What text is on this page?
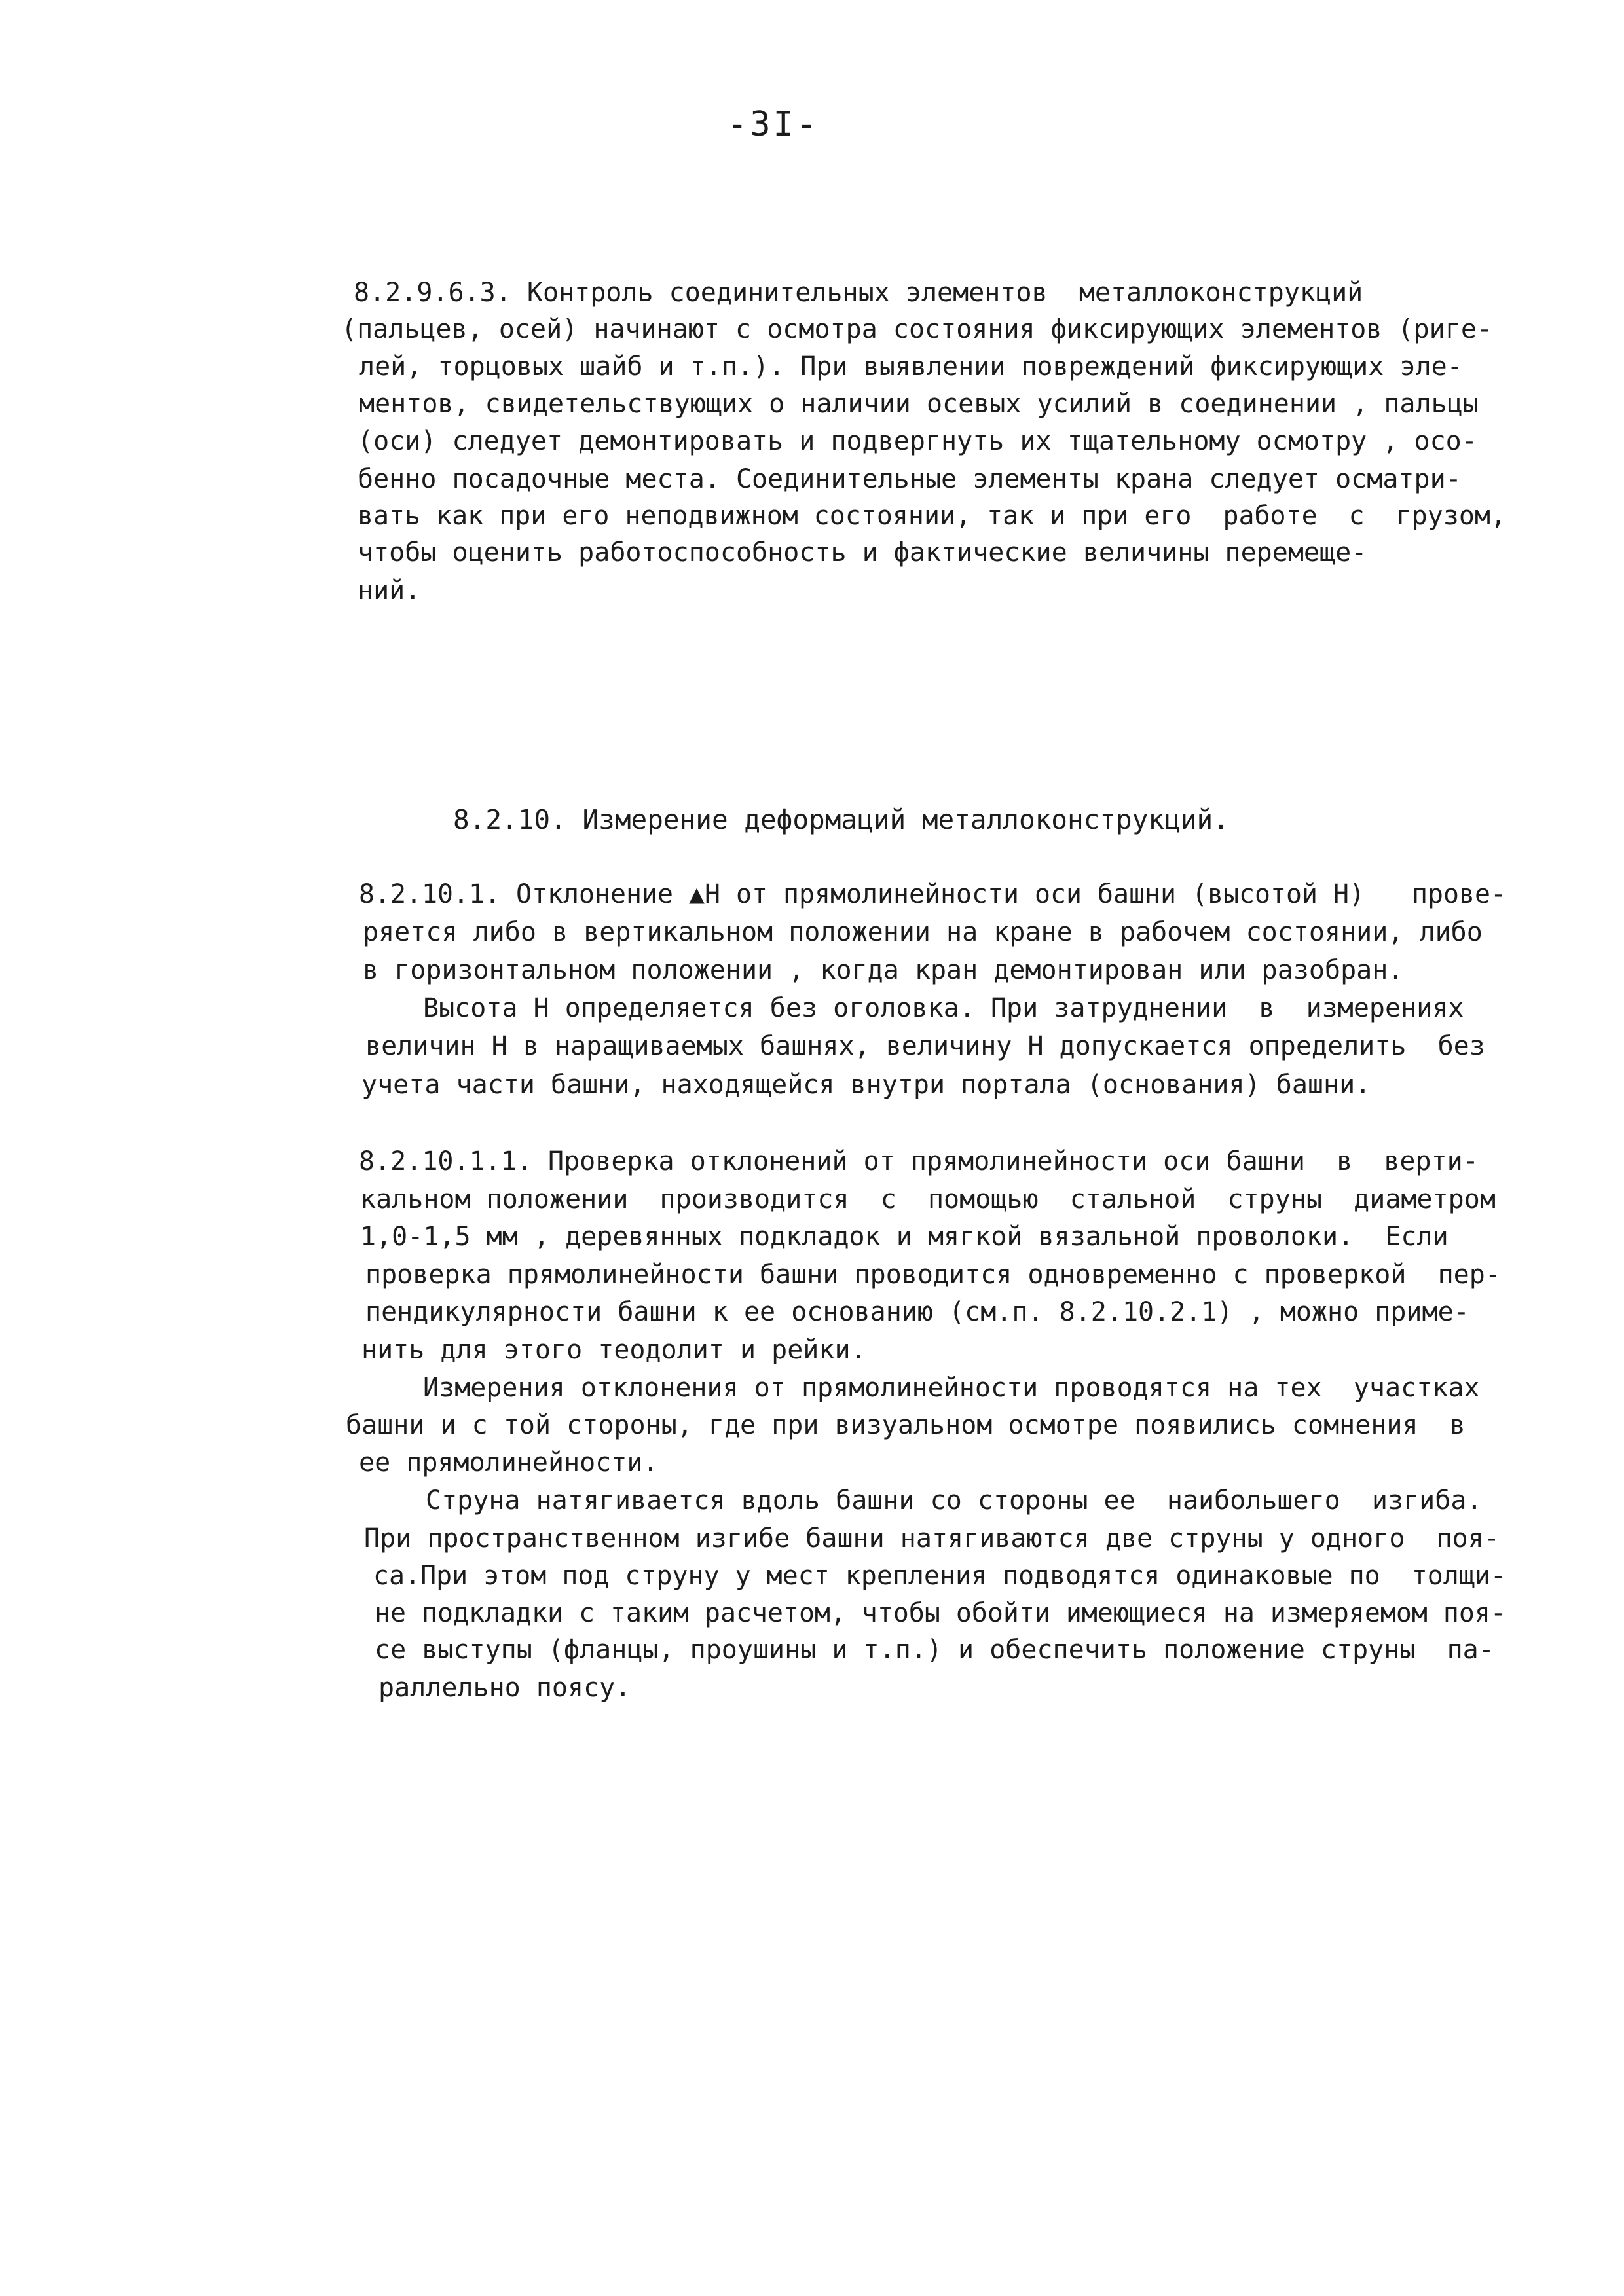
-3I-
8.2.9.6.3. Контроль соединительных элементов  металлоконструкций
(пальцев, осей) начинают с осмотра состояния фиксирующих элементов (риге-
лей, торцовых шайб и т.п.). При выявлении повреждений фиксирующих эле-
ментов, свидетельствующих о наличии осевых усилий в соединении , пальцы
(оси) следует демонтировать и подвергнуть их тщательному осмотру , осо-
бенно посадочные места. Соединительные элементы крана следует осматри-
вать как при его неподвижном состоянии, так и при его  работе  с  грузом,
чтобы оценить работоспособность и фактические величины перемеще-
ний.
8.2.10. Измерение деформаций металлоконструкций.
8.2.10.1. Отклонение ▲Н от прямолинейности оси башни (высотой Н)   прове-
ряется либо в вертикальном положении на кране в рабочем состоянии, либо
в горизонтальном положении , когда кран демонтирован или разобран.
Высота Н определяется без оголовка. При затруднении  в  измерениях
величин Н в наращиваемых башнях, величину Н допускается определить  без
учета части башни, находящейся внутри портала (основания) башни.
8.2.10.1.1. Проверка отклонений от прямолинейности оси башни  в  верти-
кальном положении  производится  с  помощью  стальной  струны  диаметром
1,0-1,5 мм , деревянных подкладок и мягкой вязальной проволоки.  Если
проверка прямолинейности башни проводится одновременно с проверкой  пер-
пендикулярности башни к ее основанию (см.п. 8.2.10.2.1) , можно приме-
нить для этого теодолит и рейки.
Измерения отклонения от прямолинейности проводятся на тех  участках
башни и с той стороны, где при визуальном осмотре появились сомнения  в
ее прямолинейности.
Струна натягивается вдоль башни со стороны ее  наибольшего  изгиба.
При пространственном изгибе башни натягиваются две струны у одного  поя-
са.При этом под струну у мест крепления подводятся одинаковые по  толщи-
не подкладки с таким расчетом, чтобы обойти имеющиеся на измеряемом поя-
се выступы (фланцы, проушины и т.п.) и обеспечить положение струны  па-
раллельно поясу.
